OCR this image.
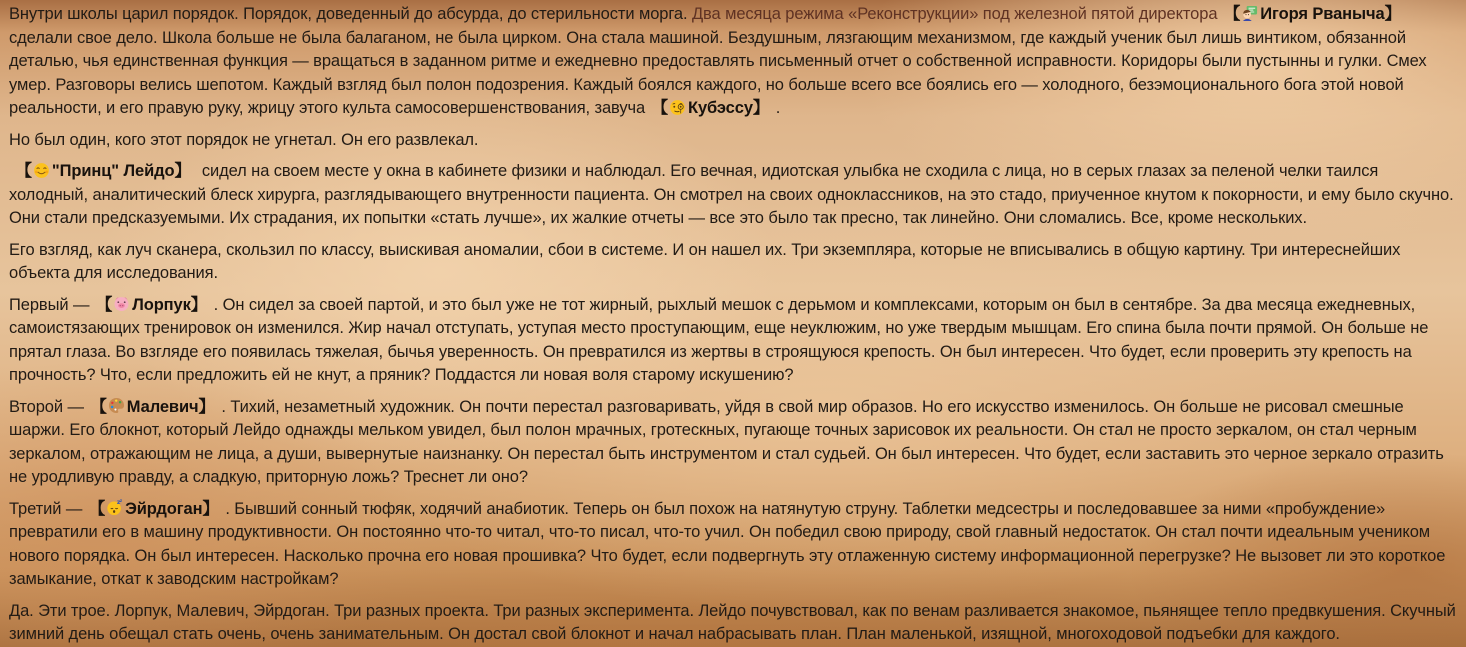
Внутри школы царил порядок. Порядок, доведенный до абсурда, до стерильности морга. Два месяца режима «Реконструкции» под железной пятой директора 【 Игоря Рваныча】 сделали свое дело. Школа больше не была балаганом, не была цирком. Она стала машиной. Бездушным, лязгающим механизмом, где каждый ученик был лишь винтиком, обязанной деталью, чья единственная функция — вращаться в заданном ритме и ежедневно предоставлять письменный отчет о собственной исправности. Коридоры были пустынны и гулки. Смех умер. Разговоры велись шепотом. Каждый взгляд был полон подозрения. Каждый боялся каждого, но больше всего все боялись его — холодного, безэмоционального бога этой новой реальности, и его правую руку, жрицу этого культа самосовершенствования, завуча 【 Кубэссу】 .

Но был один, кого этот порядок не угнетал. Он его развлекал.

【 "Принц" Лейдо】  сидел на своем месте у окна в кабинете физики и наблюдал. Его вечная, идиотская улыбка не сходила с лица, но в серых глазах за пеленой челки таился холодный, аналитический блеск хирурга, разглядывающего внутренности пациента. Он смотрел на своих одноклассников, на это стадо, приученное кнутом к покорности, и ему было скучно. Они стали предсказуемыми. Их страдания, их попытки «стать лучше», их жалкие отчеты — все это было так пресно, так линейно. Они сломались. Все, кроме нескольких.

Его взгляд, как луч сканера, скользил по классу, выискивая аномалии, сбои в системе. И он нашел их. Три экземпляра, которые не вписывались в общую картину. Три интереснейших объекта для исследования.

Первый — 【 Лорпук】 . Он сидел за своей партой, и это был уже не тот жирный, рыхлый мешок с дерьмом и комплексами, которым он был в сентябре. За два месяца ежедневных, самоистязающих тренировок он изменился. Жир начал отступать, уступая место проступающим, еще неуклюжим, но уже твердым мышцам. Его спина была почти прямой. Он больше не прятал глаза. Во взгляде его появилась тяжелая, бычья уверенность. Он превратился из жертвы в строящуюся крепость. Он был интересен. Что будет, если проверить эту крепость на прочность? Что, если предложить ей не кнут, а пряник? Поддастся ли новая воля старому искушению?

Второй — 【 Малевич】 . Тихий, незаметный художник. Он почти перестал разговаривать, уйдя в свой мир образов. Но его искусство изменилось. Он больше не рисовал смешные шаржи. Его блокнот, который Лейдо однажды мельком увидел, был полон мрачных, гротескных, пугающе точных зарисовок их реальности. Он стал не просто зеркалом, он стал черным зеркалом, отражающим не лица, а души, вывернутые наизнанку. Он перестал быть инструментом и стал судьей. Он был интересен. Что будет, если заставить это черное зеркало отразить не уродливую правду, а сладкую, приторную ложь? Треснет ли оно?

Третий — 【 z z Эйрдоган】 . Бывший сонный тюфяк, ходячий анабиотик. Теперь он был похож на натянутую струну. Таблетки медсестры и последовавшее за ними «пробуждение» превратили его в машину продуктивности. Он постоянно что-то читал, что-то писал, что-то учил. Он победил свою природу, свой главный недостаток. Он стал почти идеальным учеником нового порядка. Он был интересен. Насколько прочна его новая прошивка? Что будет, если подвергнуть эту отлаженную систему информационной перегрузке? Не вызовет ли это короткое замыкание, откат к заводским настройкам?

Да. Эти трое. Лорпук, Малевич, Эйрдоган. Три разных проекта. Три разных эксперимента. Лейдо почувствовал, как по венам разливается знакомое, пьянящее тепло предвкушения. Скучный зимний день обещал стать очень, очень занимательным. Он достал свой блокнот и начал набрасывать план. План маленькой, изящной, многоходовой подъебки для каждого.
